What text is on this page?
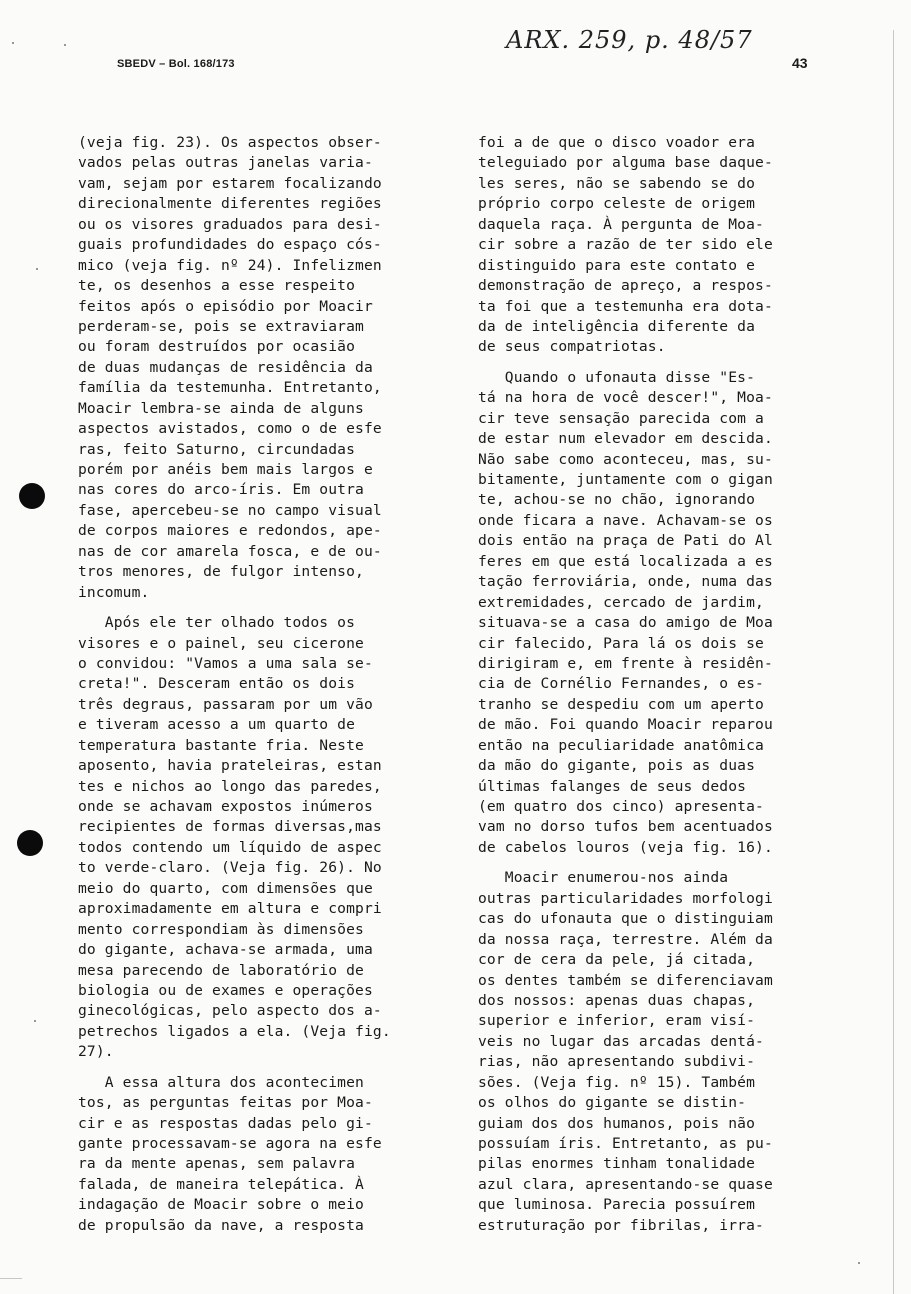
SBEDV – Bol. 168/173
ARX. 259, p. 48/57
43
(veja fig. 23). Os aspectos obser-
vados pelas outras janelas varia-
vam, sejam por estarem focalizando
direcionalmente diferentes regiões
ou os visores graduados para desi-
guais profundidades do espaço cós-
mico (veja fig. nº 24). Infelizmen
te, os desenhos a esse respeito
feitos após o episódio por Moacir
perderam-se, pois se extraviaram
ou foram destruídos por ocasião
de duas mudanças de residência da
família da testemunha. Entretanto,
Moacir lembra-se ainda de alguns
aspectos avistados, como o de esfe
ras, feito Saturno, circundadas
porém por anéis bem mais largos e
nas cores do arco-íris. Em outra
fase, apercebeu-se no campo visual
de corpos maiores e redondos, ape-
nas de cor amarela fosca, e de ou-
tros menores, de fulgor intenso,
incomum.
Após ele ter olhado todos os
visores e o painel, seu cicerone
o convidou: "Vamos a uma sala se-
creta!". Desceram então os dois
três degraus, passaram por um vão
e tiveram acesso a um quarto de
temperatura bastante fria. Neste
aposento, havia prateleiras, estan
tes e nichos ao longo das paredes,
onde se achavam expostos inúmeros
recipientes de formas diversas,mas
todos contendo um líquido de aspec
to verde-claro. (Veja fig. 26). No
meio do quarto, com dimensões que
aproximadamente em altura e compri
mento correspondiam às dimensões
do gigante, achava-se armada, uma
mesa parecendo de laboratório de
biologia ou de exames e operações
ginecológicas, pelo aspecto dos a-
petrechos ligados a ela. (Veja fig.
27).
A essa altura dos acontecimen
tos, as perguntas feitas por Moa-
cir e as respostas dadas pelo gi-
gante processavam-se agora na esfe
ra da mente apenas, sem palavra
falada, de maneira telepática. À
indagação de Moacir sobre o meio
de propulsão da nave, a resposta
foi a de que o disco voador era
teleguiado por alguma base daque-
les seres, não se sabendo se do
próprio corpo celeste de origem
daquela raça. À pergunta de Moa-
cir sobre a razão de ter sido ele
distinguido para este contato e
demonstração de apreço, a respos-
ta foi que a testemunha era dota-
da de inteligência diferente da
de seus compatriotas.
Quando o ufonauta disse "Es-
tá na hora de você descer!", Moa-
cir teve sensação parecida com a
de estar num elevador em descida.
Não sabe como aconteceu, mas, su-
bitamente, juntamente com o gigan
te, achou-se no chão, ignorando
onde ficara a nave. Achavam-se os
dois então na praça de Pati do Al
feres em que está localizada a es
tação ferroviária, onde, numa das
extremidades, cercado de jardim,
situava-se a casa do amigo de Moa
cir falecido, Para lá os dois se
dirigiram e, em frente à residên-
cia de Cornélio Fernandes, o es-
tranho se despediu com um aperto
de mão. Foi quando Moacir reparou
então na peculiaridade anatômica
da mão do gigante, pois as duas
últimas falanges de seus dedos
(em quatro dos cinco) apresenta-
vam no dorso tufos bem acentuados
de cabelos louros (veja fig. 16).
Moacir enumerou-nos ainda
outras particularidades morfologi
cas do ufonauta que o distinguiam
da nossa raça, terrestre. Além da
cor de cera da pele, já citada,
os dentes também se diferenciavam
dos nossos: apenas duas chapas,
superior e inferior, eram visí-
veis no lugar das arcadas dentá-
rias, não apresentando subdivi-
sões. (Veja fig. nº 15). Também
os olhos do gigante se distin-
guiam dos dos humanos, pois não
possuíam íris. Entretanto, as pu-
pilas enormes tinham tonalidade
azul clara, apresentando-se quase
que luminosa. Parecia possuírem
estruturação por fibrilas, irra-
